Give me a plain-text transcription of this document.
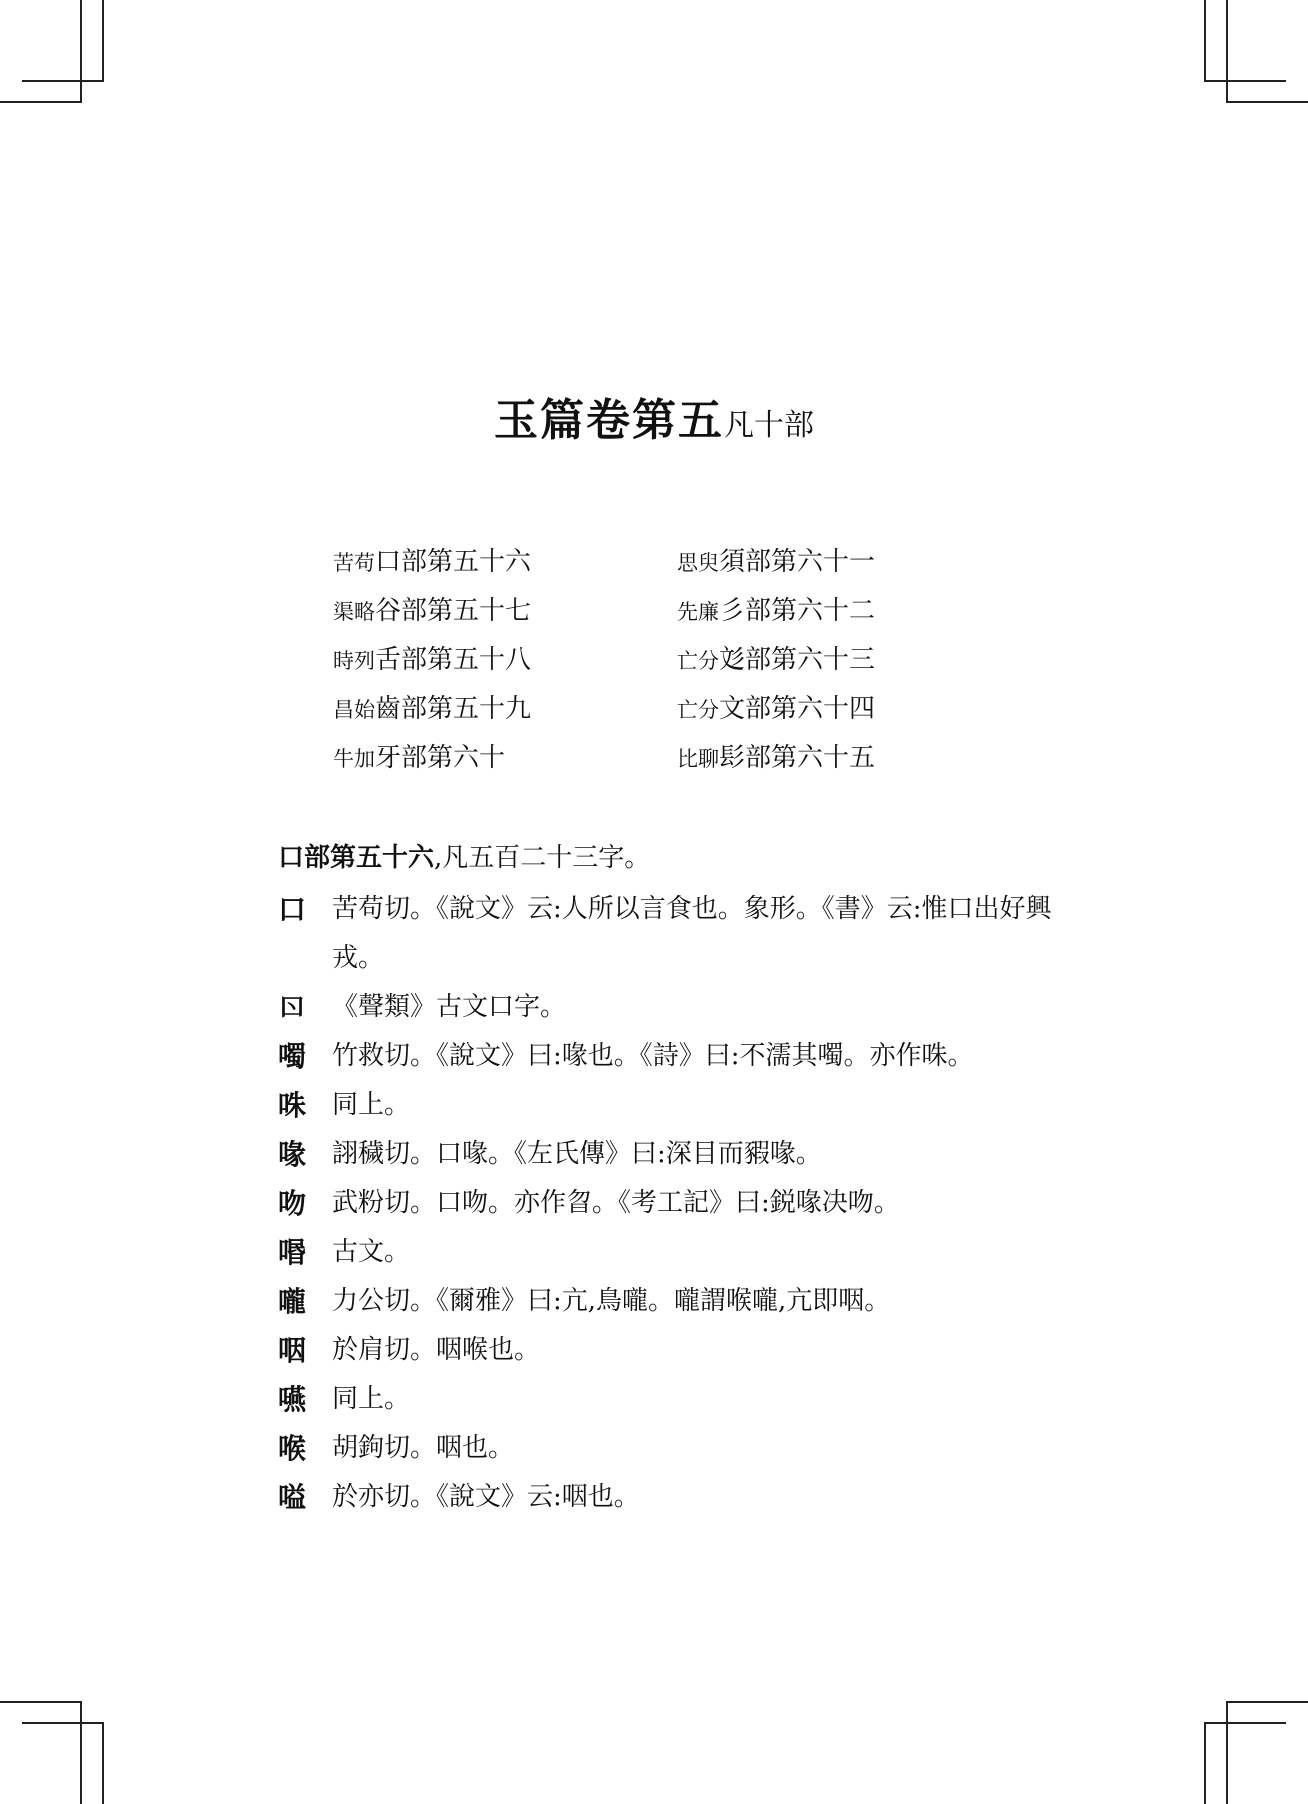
玉篇卷第五凡十部
苦苟口部第五十六
渠略谷部第五十七
時列舌部第五十八
昌始齒部第五十九
牛加牙部第六十
思臾須部第六十一
先廉彡部第六十二
亡分彣部第六十三
亡分文部第六十四
比聊髟部第六十五
口部第五十六,凡五百二十三字。
口 苦苟切。《說文》云:人所以言食也。象形。《書》云:惟口出好興戎。
𠮚 《聲類》古文口字。
噣 竹救切。《說文》曰:喙也。《詩》曰:不濡其噣。亦作咮。
咮 同上。
喙 詡穢切。口喙。《左氏傳》曰:深目而豭喙。
吻 武粉切。口吻。亦作曶。《考工記》曰:鋭喙决吻。
㗃 古文。
嚨 力公切。《爾雅》曰:亢,鳥嚨。嚨謂喉嚨,亢即咽。
咽 於肩切。咽喉也。
嚥 同上。
喉 胡鉤切。咽也。
嗌 於亦切。《說文》云:咽也。
